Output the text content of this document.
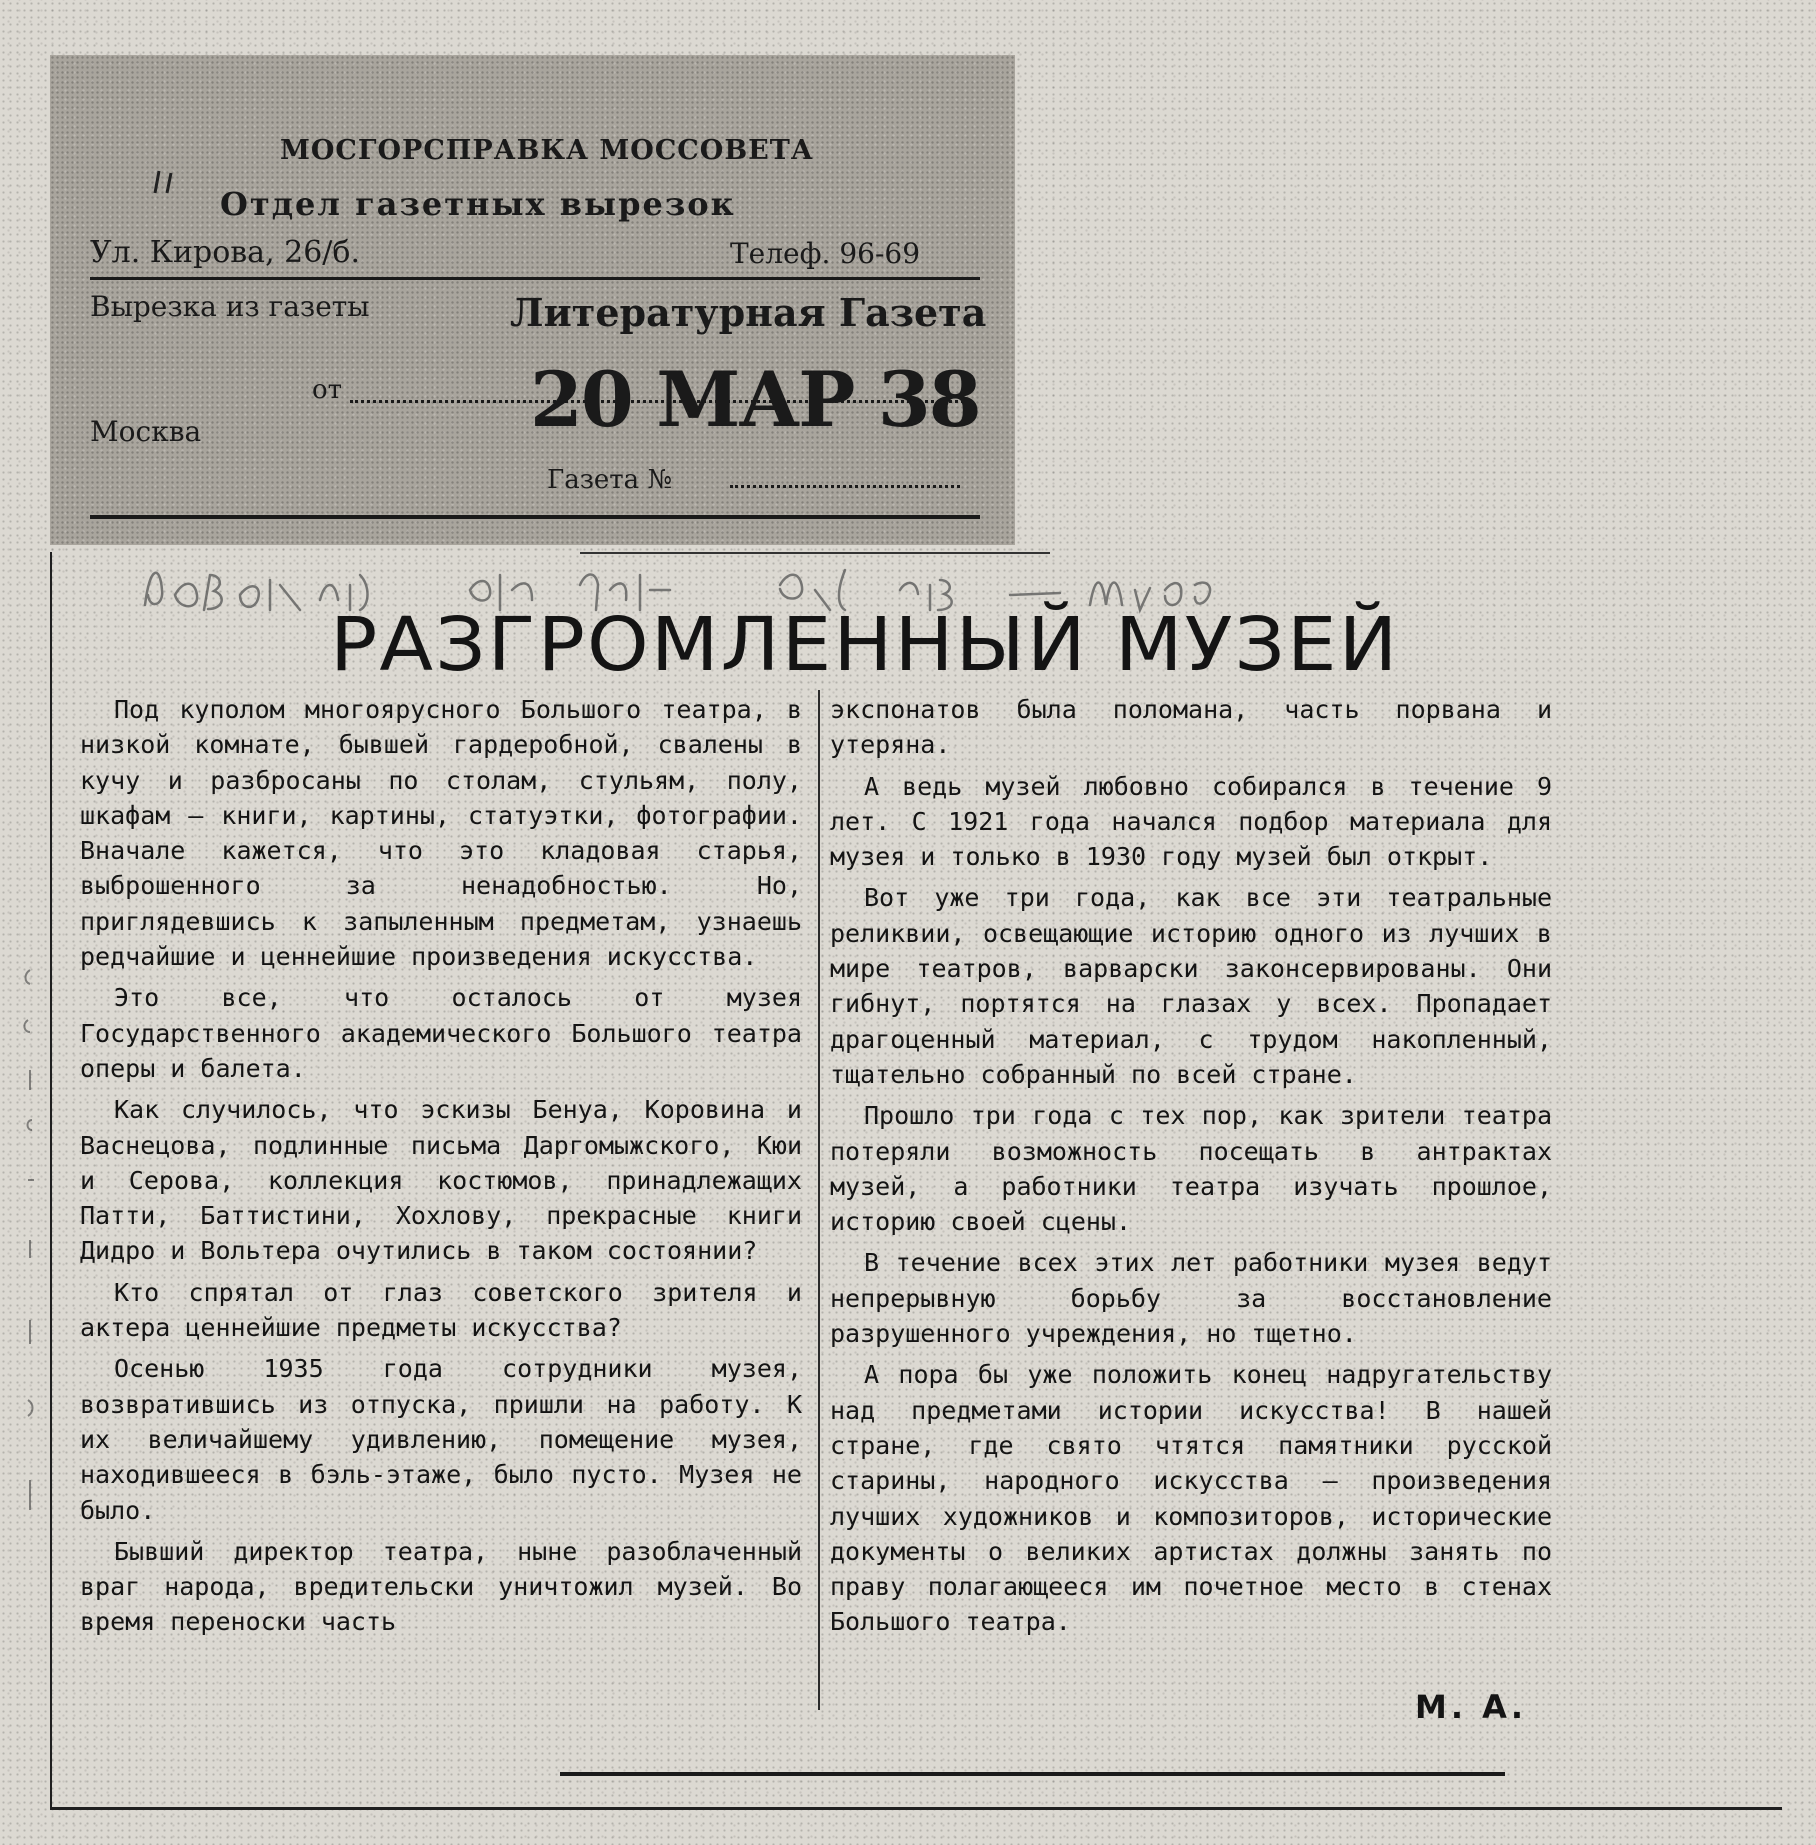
МОСГОРСПРАВКА МОССОВЕТА
Отдел газетных вырезок
Ул. Кирова, 26/б.	Телеф. 96-69
Вырезка из газеты	Литературная Газета
от 20 МАР 38
Москва
Газета №
РАЗГРОМЛЕННЫЙ МУЗЕЙ

Под куполом многоярусного Большого театра, в низкой комнате, бывшей гардеробной, свалены в кучу и разбросаны по столам, стульям, полу, шкафам — книги, картины, статуэтки, фотографии. Вначале кажется, что это кладовая старья, выброшенного за ненадобностью. Но, приглядевшись к запыленным предметам, узнаешь редчайшие и ценнейшие произведения искусства.

Это все, что осталось от музея Государственного академического Большого театра оперы и балета.

Как случилось, что эскизы Бенуа, Коровина и Васнецова, подлинные письма Даргомыжского, Кюи и Серова, коллекция костюмов, принадлежащих Патти, Баттистини, Хохлову, прекрасные книги Дидро и Вольтера очутились в таком состоянии?

Кто спрятал от глаз советского зрителя и актера ценнейшие предметы искусства?

Осенью 1935 года сотрудники музея, возвратившись из отпуска, пришли на работу. К их величайшему удивлению, помещение музея, находившееся в бэль-этаже, было пусто. Музея не было.

Бывший директор театра, ныне разоблаченный враг народа, вредительски уничтожил музей. Во время переноски часть

экспонатов была поломана, часть порвана и утеряна.

А ведь музей любовно собирался в течение 9 лет. С 1921 года начался подбор материала для музея и только в 1930 году музей был открыт.

Вот уже три года, как все эти театральные реликвии, освещающие историю одного из лучших в мире театров, варварски законсервированы. Они гибнут, портятся на глазах у всех. Пропадает драгоценный материал, с трудом накопленный, тщательно собранный по всей стране.

Прошло три года с тех пор, как зрители театра потеряли возможность посещать в антрактах музей, а работники театра изучать прошлое, историю своей сцены.

В течение всех этих лет работники музея ведут непрерывную борьбу за восстановление разрушенного учреждения, но тщетно.

А пора бы уже положить конец надругательству над предметами истории искусства! В нашей стране, где свято чтятся памятники русской старины, народного искусства — произведения лучших художников и композиторов, исторические документы о великих артистах должны занять по праву полагающееся им почетное место в стенах Большого театра.

М. А.
